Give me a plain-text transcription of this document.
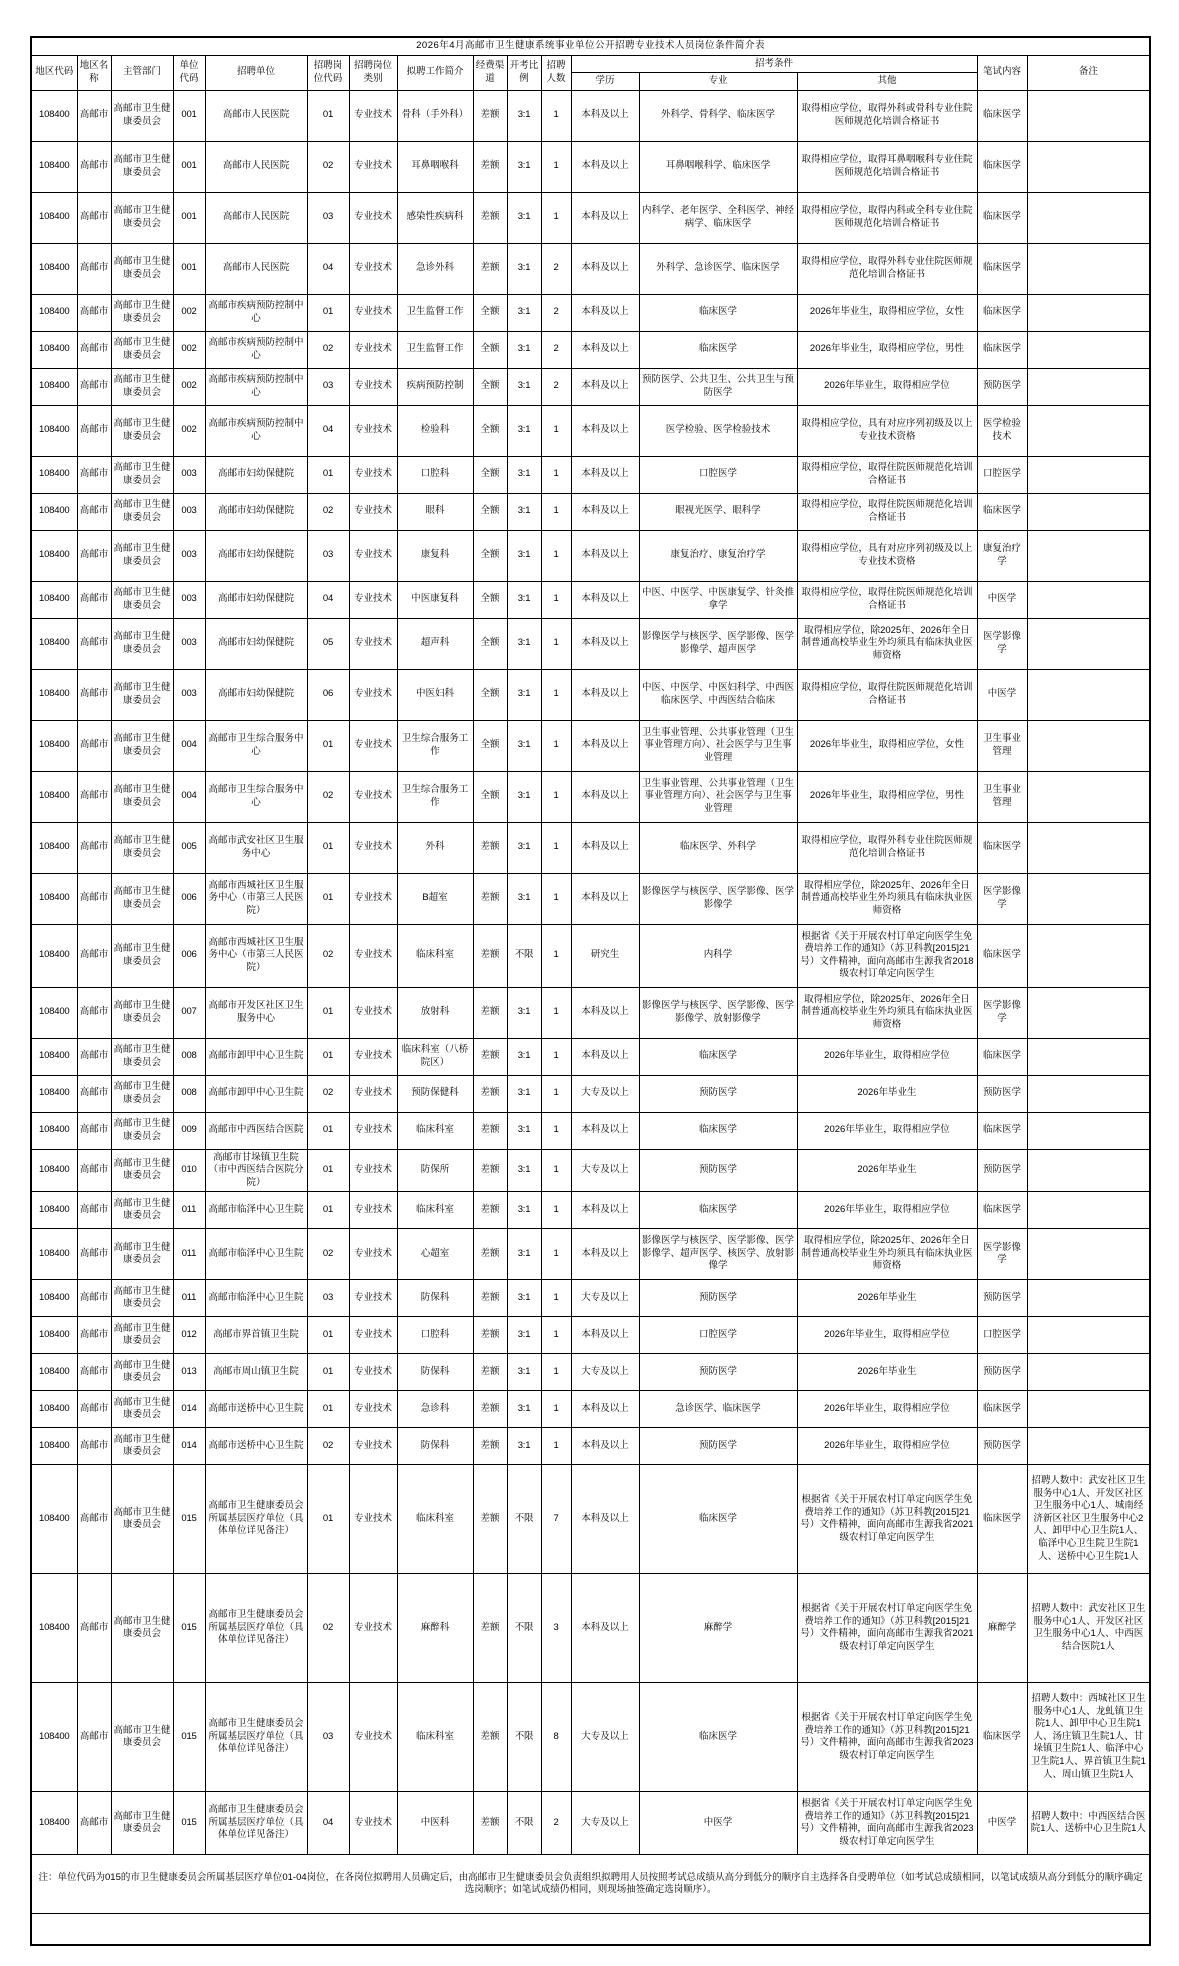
2026年4月高邮市卫生健康系统事业单位公开招聘专业技术人员岗位条件简介表															
地区代码	地区名称	主管部门	单位代码	招聘单位	招聘岗位代码	招聘岗位类别	拟聘工作简介	经费渠道	开考比例	招聘人数	招考条件			笔试内容	备注
											学历	专业	其他		
108400	高邮市	高邮市卫生健康委员会	001	高邮市人民医院	01	专业技术	骨科（手外科）	差额	3:1	1	本科及以上	外科学、骨科学、临床医学	取得相应学位，取得外科或骨科专业住院医师规范化培训合格证书	临床医学	
108400	高邮市	高邮市卫生健康委员会	001	高邮市人民医院	02	专业技术	耳鼻咽喉科	差额	3:1	1	本科及以上	耳鼻咽喉科学、临床医学	取得相应学位，取得耳鼻咽喉科专业住院医师规范化培训合格证书	临床医学	
108400	高邮市	高邮市卫生健康委员会	001	高邮市人民医院	03	专业技术	感染性疾病科	差额	3:1	1	本科及以上	内科学、老年医学、全科医学、神经病学、临床医学	取得相应学位，取得内科或全科专业住院医师规范化培训合格证书	临床医学	
108400	高邮市	高邮市卫生健康委员会	001	高邮市人民医院	04	专业技术	急诊外科	差额	3:1	2	本科及以上	外科学、急诊医学、临床医学	取得相应学位，取得外科专业住院医师规范化培训合格证书	临床医学	
108400	高邮市	高邮市卫生健康委员会	002	高邮市疾病预防控制中心	01	专业技术	卫生监督工作	全额	3:1	2	本科及以上	临床医学	2026年毕业生，取得相应学位，女性	临床医学	
108400	高邮市	高邮市卫生健康委员会	002	高邮市疾病预防控制中心	02	专业技术	卫生监督工作	全额	3:1	2	本科及以上	临床医学	2026年毕业生，取得相应学位，男性	临床医学	
108400	高邮市	高邮市卫生健康委员会	002	高邮市疾病预防控制中心	03	专业技术	疾病预防控制	全额	3:1	2	本科及以上	预防医学、公共卫生、公共卫生与预防医学	2026年毕业生，取得相应学位	预防医学	
108400	高邮市	高邮市卫生健康委员会	002	高邮市疾病预防控制中心	04	专业技术	检验科	全额	3:1	1	本科及以上	医学检验、医学检验技术	取得相应学位，具有对应序列初级及以上专业技术资格	医学检验技术	
108400	高邮市	高邮市卫生健康委员会	003	高邮市妇幼保健院	01	专业技术	口腔科	全额	3:1	1	本科及以上	口腔医学	取得相应学位，取得住院医师规范化培训合格证书	口腔医学	
108400	高邮市	高邮市卫生健康委员会	003	高邮市妇幼保健院	02	专业技术	眼科	全额	3:1	1	本科及以上	眼视光医学、眼科学	取得相应学位，取得住院医师规范化培训合格证书	临床医学	
108400	高邮市	高邮市卫生健康委员会	003	高邮市妇幼保健院	03	专业技术	康复科	全额	3:1	1	本科及以上	康复治疗、康复治疗学	取得相应学位，具有对应序列初级及以上专业技术资格	康复治疗学	
108400	高邮市	高邮市卫生健康委员会	003	高邮市妇幼保健院	04	专业技术	中医康复科	全额	3:1	1	本科及以上	中医、中医学、中医康复学、针灸推拿学	取得相应学位，取得住院医师规范化培训合格证书	中医学	
108400	高邮市	高邮市卫生健康委员会	003	高邮市妇幼保健院	05	专业技术	超声科	全额	3:1	1	本科及以上	影像医学与核医学、医学影像、医学影像学、超声医学	取得相应学位，除2025年、2026年全日制普通高校毕业生外均须具有临床执业医师资格	医学影像学	
108400	高邮市	高邮市卫生健康委员会	003	高邮市妇幼保健院	06	专业技术	中医妇科	全额	3:1	1	本科及以上	中医、中医学、中医妇科学、中西医临床医学、中西医结合临床	取得相应学位，取得住院医师规范化培训合格证书	中医学	
108400	高邮市	高邮市卫生健康委员会	004	高邮市卫生综合服务中心	01	专业技术	卫生综合服务工作	全额	3:1	1	本科及以上	卫生事业管理、公共事业管理（卫生事业管理方向）、社会医学与卫生事业管理	2026年毕业生，取得相应学位，女性	卫生事业管理	
108400	高邮市	高邮市卫生健康委员会	004	高邮市卫生综合服务中心	02	专业技术	卫生综合服务工作	全额	3:1	1	本科及以上	卫生事业管理、公共事业管理（卫生事业管理方向）、社会医学与卫生事业管理	2026年毕业生，取得相应学位，男性	卫生事业管理	
108400	高邮市	高邮市卫生健康委员会	005	高邮市武安社区卫生服务中心	01	专业技术	外科	差额	3:1	1	本科及以上	临床医学、外科学	取得相应学位，取得外科专业住院医师规范化培训合格证书	临床医学	
108400	高邮市	高邮市卫生健康委员会	006	高邮市西城社区卫生服务中心（市第三人民医院）	01	专业技术	B超室	差额	3:1	1	本科及以上	影像医学与核医学、医学影像、医学影像学	取得相应学位，除2025年、2026年全日制普通高校毕业生外均须具有临床执业医师资格	医学影像学	
108400	高邮市	高邮市卫生健康委员会	006	高邮市西城社区卫生服务中心（市第三人民医院）	02	专业技术	临床科室	差额	不限	1	研究生	内科学	根据省《关于开展农村订单定向医学生免费培养工作的通知》（苏卫科教[2015]21号）文件精神，面向高邮市生源我省2018级农村订单定向医学生	临床医学	
108400	高邮市	高邮市卫生健康委员会	007	高邮市开发区社区卫生服务中心	01	专业技术	放射科	差额	3:1	1	本科及以上	影像医学与核医学、医学影像、医学影像学、放射影像学	取得相应学位，除2025年、2026年全日制普通高校毕业生外均须具有临床执业医师资格	医学影像学	
108400	高邮市	高邮市卫生健康委员会	008	高邮市卸甲中心卫生院	01	专业技术	临床科室（八桥院区）	差额	3:1	1	本科及以上	临床医学	2026年毕业生，取得相应学位	临床医学	
108400	高邮市	高邮市卫生健康委员会	008	高邮市卸甲中心卫生院	02	专业技术	预防保健科	差额	3:1	1	大专及以上	预防医学	2026年毕业生	预防医学	
108400	高邮市	高邮市卫生健康委员会	009	高邮市中西医结合医院	01	专业技术	临床科室	差额	3:1	1	本科及以上	临床医学	2026年毕业生，取得相应学位	临床医学	
108400	高邮市	高邮市卫生健康委员会	010	高邮市甘垛镇卫生院（市中西医结合医院分院）	01	专业技术	防保所	差额	3:1	1	大专及以上	预防医学	2026年毕业生	预防医学	
108400	高邮市	高邮市卫生健康委员会	011	高邮市临泽中心卫生院	01	专业技术	临床科室	差额	3:1	1	本科及以上	临床医学	2026年毕业生，取得相应学位	临床医学	
108400	高邮市	高邮市卫生健康委员会	011	高邮市临泽中心卫生院	02	专业技术	心超室	差额	3:1	1	本科及以上	影像医学与核医学、医学影像、医学影像学、超声医学、核医学、放射影像学	取得相应学位，除2025年、2026年全日制普通高校毕业生外均须具有临床执业医师资格	医学影像学	
108400	高邮市	高邮市卫生健康委员会	011	高邮市临泽中心卫生院	03	专业技术	防保科	差额	3:1	1	大专及以上	预防医学	2026年毕业生	预防医学	
108400	高邮市	高邮市卫生健康委员会	012	高邮市界首镇卫生院	01	专业技术	口腔科	差额	3:1	1	本科及以上	口腔医学	2026年毕业生，取得相应学位	口腔医学	
108400	高邮市	高邮市卫生健康委员会	013	高邮市周山镇卫生院	01	专业技术	防保科	差额	3:1	1	大专及以上	预防医学	2026年毕业生	预防医学	
108400	高邮市	高邮市卫生健康委员会	014	高邮市送桥中心卫生院	01	专业技术	急诊科	差额	3:1	1	本科及以上	急诊医学、临床医学	2026年毕业生，取得相应学位	临床医学	
108400	高邮市	高邮市卫生健康委员会	014	高邮市送桥中心卫生院	02	专业技术	防保科	差额	3:1	1	本科及以上	预防医学	2026年毕业生，取得相应学位	预防医学	
108400	高邮市	高邮市卫生健康委员会	015	高邮市卫生健康委员会所属基层医疗单位（具体单位详见备注）	01	专业技术	临床科室	差额	不限	7	本科及以上	临床医学	根据省《关于开展农村订单定向医学生免费培养工作的通知》（苏卫科教[2015]21号）文件精神，面向高邮市生源我省2021级农村订单定向医学生	临床医学	招聘人数中：武安社区卫生服务中心1人、开发区社区卫生服务中心1人、城南经济新区社区卫生服务中心2人、卸甲中心卫生院1人、临泽中心卫生院卫生院1人、送桥中心卫生院1人
108400	高邮市	高邮市卫生健康委员会	015	高邮市卫生健康委员会所属基层医疗单位（具体单位详见备注）	02	专业技术	麻醉科	差额	不限	3	本科及以上	麻醉学	根据省《关于开展农村订单定向医学生免费培养工作的通知》（苏卫科教[2015]21号）文件精神，面向高邮市生源我省2021级农村订单定向医学生	麻醉学	招聘人数中：武安社区卫生服务中心1人、开发区社区卫生服务中心1人、中西医结合医院1人
108400	高邮市	高邮市卫生健康委员会	015	高邮市卫生健康委员会所属基层医疗单位（具体单位详见备注）	03	专业技术	临床科室	差额	不限	8	大专及以上	临床医学	根据省《关于开展农村订单定向医学生免费培养工作的通知》（苏卫科教[2015]21号）文件精神，面向高邮市生源我省2023级农村订单定向医学生	临床医学	招聘人数中：西城社区卫生服务中心1人、龙虬镇卫生院1人、卸甲中心卫生院1人、汤庄镇卫生院1人、甘垛镇卫生院1人、临泽中心卫生院1人、界首镇卫生院1人、周山镇卫生院1人
108400	高邮市	高邮市卫生健康委员会	015	高邮市卫生健康委员会所属基层医疗单位（具体单位详见备注）	04	专业技术	中医科	差额	不限	2	大专及以上	中医学	根据省《关于开展农村订单定向医学生免费培养工作的通知》（苏卫科教[2015]21号）文件精神，面向高邮市生源我省2023级农村订单定向医学生	中医学	招聘人数中：中西医结合医院1人、送桥中心卫生院1人
注：单位代码为015的市卫生健康委员会所属基层医疗单位01-04岗位，在各岗位拟聘用人员确定后，由高邮市卫生健康委员会负责组织拟聘用人员按照考试总成绩从高分到低分的顺序自主选择各自受聘单位（如考试总成绩相同，以笔试成绩从高分到低分的顺序确定选岗顺序；如笔试成绩仍相同，则现场抽签确定选岗顺序）。															
